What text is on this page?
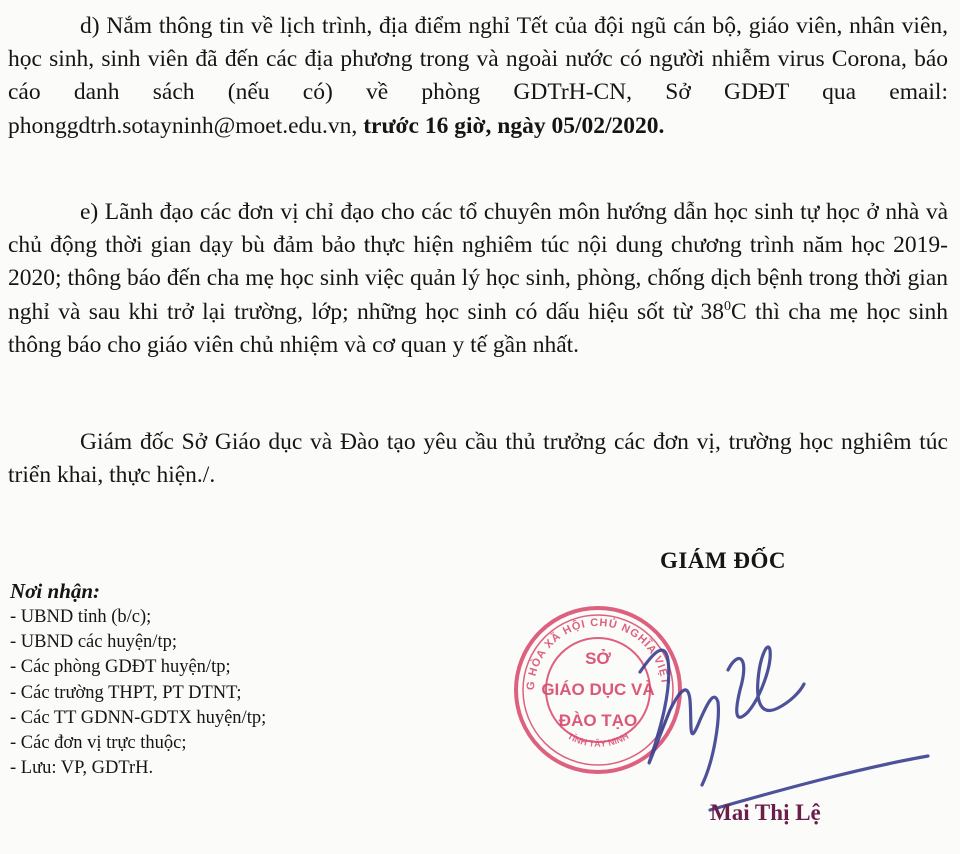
d) Nắm thông tin về lịch trình, địa điểm nghỉ Tết của đội ngũ cán bộ, giáo viên, nhân viên, học sinh, sinh viên đã đến các địa phương trong và ngoài nước có người nhiễm virus Corona, báo cáo danh sách (nếu có) về phòng GDTrH-CN, Sở GDĐT qua email: phonggdtrh.sotayninh@moet.edu.vn, trước 16 giờ, ngày 05/02/2020.

e) Lãnh đạo các đơn vị chỉ đạo cho các tổ chuyên môn hướng dẫn học sinh tự học ở nhà và chủ động thời gian dạy bù đảm bảo thực hiện nghiêm túc nội dung chương trình năm học 2019-2020; thông báo đến cha mẹ học sinh việc quản lý học sinh, phòng, chống dịch bệnh trong thời gian nghỉ và sau khi trở lại trường, lớp; những học sinh có dấu hiệu sốt từ $38^0C$ thì cha mẹ học sinh thông báo cho giáo viên chủ nhiệm và cơ quan y tế gần nhất.

Giám đốc Sở Giáo dục và Đào tạo yêu cầu thủ trưởng các đơn vị, trường học nghiêm túc triển khai, thực hiện./.

GIÁM ĐỐC
Nơi nhận:
- UBND tỉnh (b/c);
- UBND các huyện/tp;
- Các phòng GDĐT huyện/tp;
- Các trường THPT, PT DTNT;
- Các TT GDNN-GDTX huyện/tp;
- Các đơn vị trực thuộc;
- Lưu: VP, GDTrH.
G HÒA XÃ HỘI CHỦ NGHĨA VIỆT
TỈNH TÂY NINH
SỞ
GIÁO DỤC VÀ
ĐÀO TẠO
Mai Thị Lệ
